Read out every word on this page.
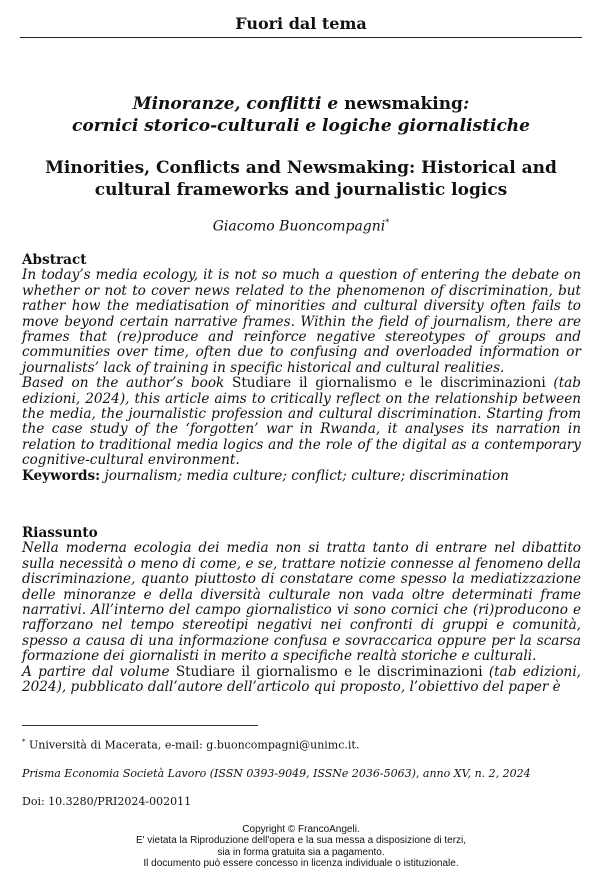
Fuori dal tema
Minoranze, conflitti e newsmaking:
cornici storico-culturali e logiche giornalistiche
Minorities, Conflicts and Newsmaking: Historical and
cultural frameworks and journalistic logics
Giacomo Buoncompagni*
Abstract

In today’s media ecology, it is not so much a question of entering the debate on whether or not to cover news related to the phenomenon of discrimination, but rather how the mediatisation of minorities and cultural diversity often fails to move beyond certain narrative frames. Within the field of journalism, there are frames that (re)produce and reinforce negative stereotypes of groups and communities over time, often due to confusing and overloaded information or journalists’ lack of training in specific historical and cultural realities.

Based on the author’s book Studiare il giornalismo e le discriminazioni (tab edizioni, 2024), this article aims to critically reflect on the relationship between the media, the journalistic profession and cultural discrimination. Starting from the case study of the ‘forgotten’ war in Rwanda, it analyses its narration in relation to traditional media logics and the role of the digital as a contemporary cognitive-cultural environment.

Keywords: journalism; media culture; conflict; culture; discrimination

Riassunto

Nella moderna ecologia dei media non si tratta tanto di entrare nel dibattito sulla necessità o meno di come, e se, trattare notizie connesse al fenomeno della discriminazione, quanto piuttosto di constatare come spesso la mediatizzazione delle minoranze e della diversità culturale non vada oltre determinati frame narrativi. All’interno del campo giornalistico vi sono cornici che (ri)producono e rafforzano nel tempo stereotipi negativi nei confronti di gruppi e comunità, spesso a causa di una informazione confusa e sovraccarica oppure per la scarsa formazione dei giornalisti in merito a specifiche realtà storiche e culturali.

A partire dal volume Studiare il giornalismo e le discriminazioni (tab edizioni, 2024), pubblicato dall’autore dell’articolo qui proposto, l’obiettivo del paper è

* Università di Macerata, e-mail: g.buoncompagni@unimc.it.
Prisma Economia Società Lavoro (ISSN 0393-9049, ISSNe 2036-5063), anno XV, n. 2, 2024
Doi: 10.3280/PRI2024-002011
Copyright © FrancoAngeli.
E' vietata la Riproduzione dell'opera e la sua messa a disposizione di terzi,
sia in forma gratuita sia a pagamento.
Il documento può essere concesso in licenza individuale o istituzionale.
